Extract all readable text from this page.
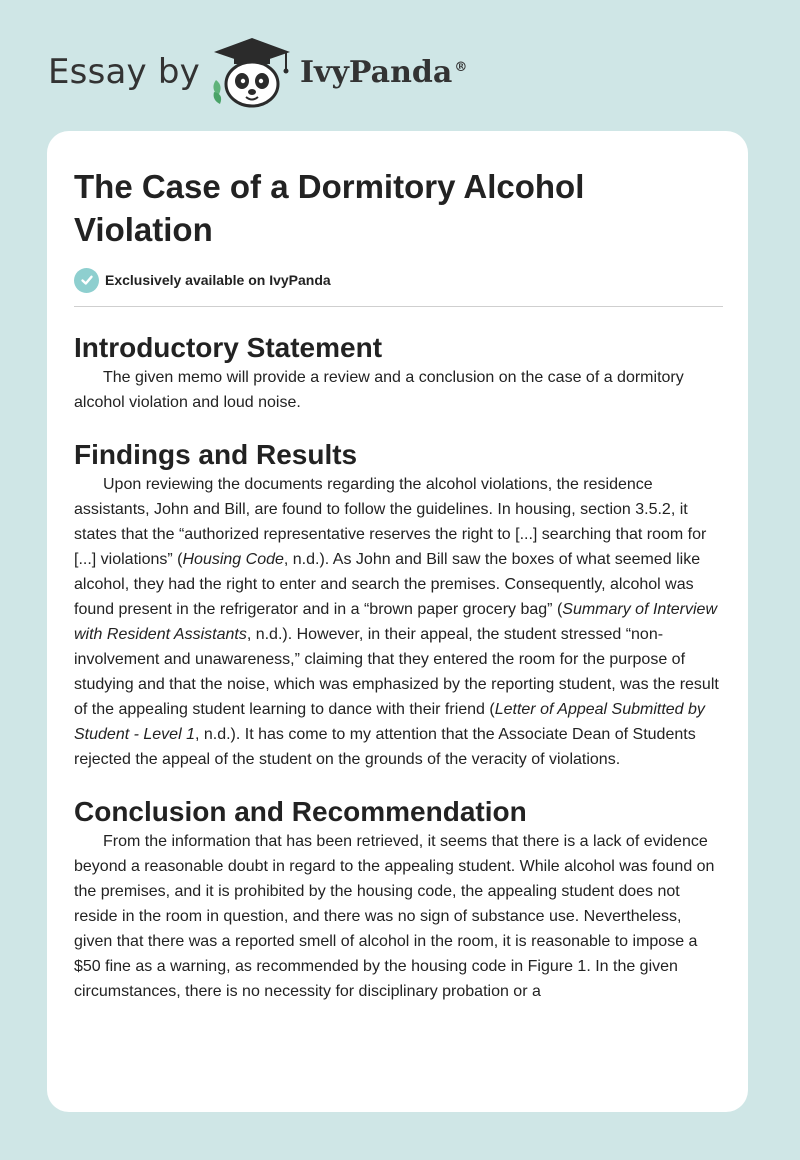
Essay by	IvyPanda ®
The Case of a Dormitory Alcohol Violation
Exclusively available on IvyPanda
Introductory Statement

The given memo will provide a review and a conclusion on the case of a dormitory alcohol violation and loud noise.

Findings and Results

Upon reviewing the documents regarding the alcohol violations, the residence assistants, John and Bill, are found to follow the guidelines. In housing, section 3.5.2, it states that the “authorized representative reserves the right to [...] searching that room for [...] violations” (Housing Code, n.d.). As John and Bill saw the boxes of what seemed like alcohol, they had the right to enter and search the premises. Consequently, alcohol was found present in the refrigerator and in a “brown paper grocery bag” (Summary of Interview with Resident Assistants, n.d.). However, in their appeal, the student stressed “non-involvement and unawareness,” claiming that they entered the room for the purpose of studying and that the noise, which was emphasized by the reporting student, was the result of the appealing student learning to dance with their friend (Letter of Appeal Submitted by Student - Level 1, n.d.). It has come to my attention that the Associate Dean of Students rejected the appeal of the student on the grounds of the veracity of violations.

Conclusion and Recommendation

From the information that has been retrieved, it seems that there is a lack of evidence beyond a reasonable doubt in regard to the appealing student. While alcohol was found on the premises, and it is prohibited by the housing code, the appealing student does not reside in the room in question, and there was no sign of substance use. Nevertheless, given that there was a reported smell of alcohol in the room, it is reasonable to impose a $50 fine as a warning, as recommended by the housing code in Figure 1. In the given circumstances, there is no necessity for disciplinary probation or a
